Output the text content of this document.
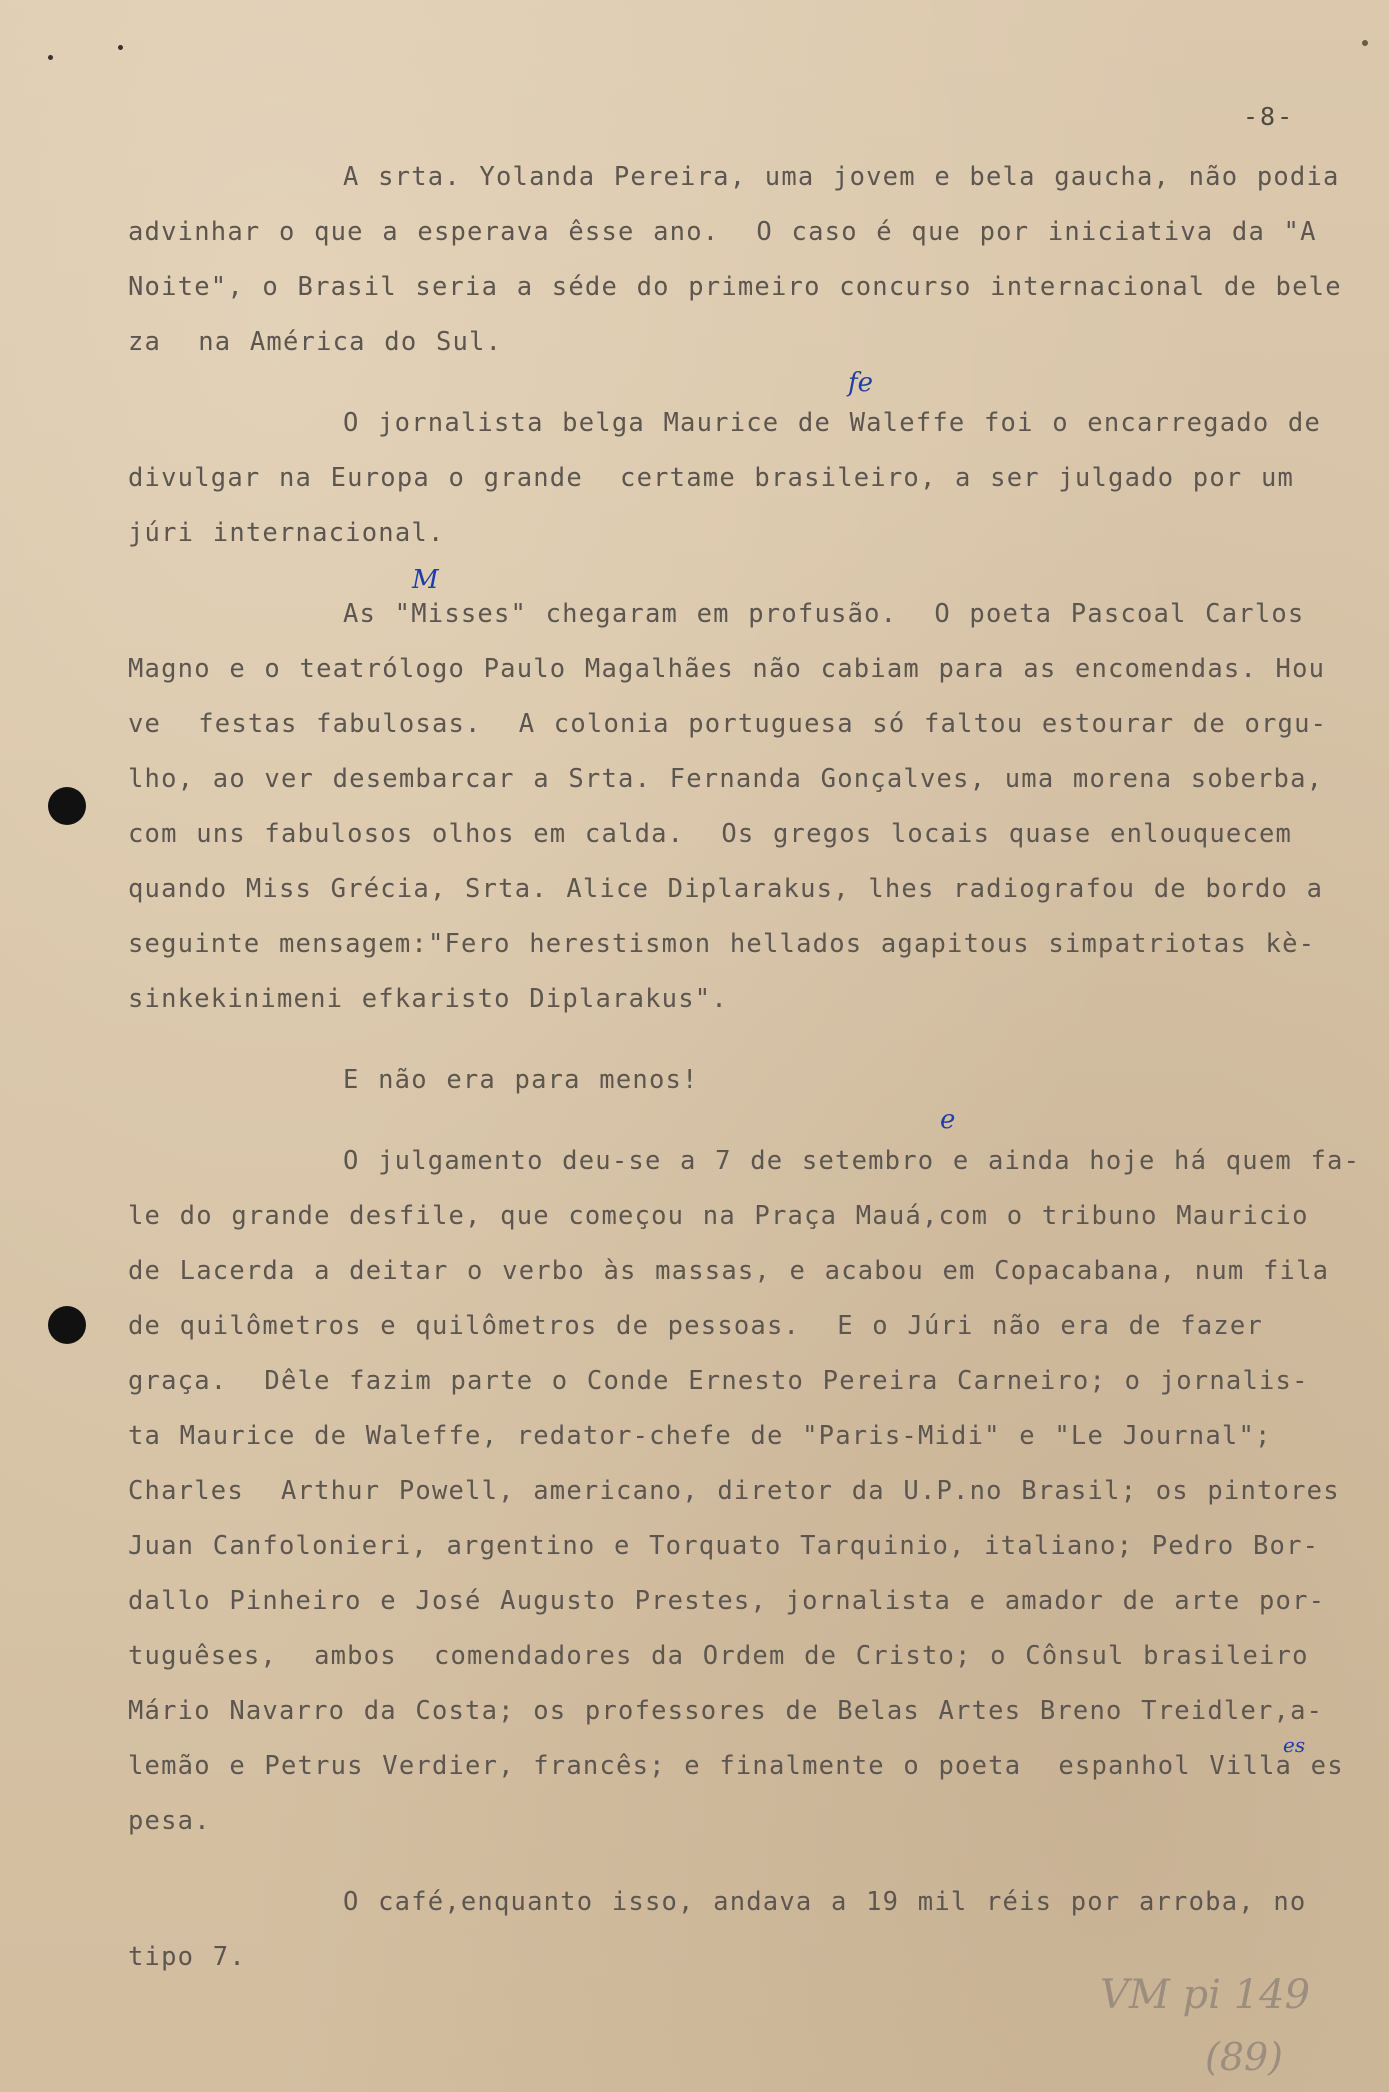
-8-
A srta. Yolanda Pereira, uma jovem e bela gaucha, não podia
advinhar o que a esperava êsse ano.  O caso é que por iniciativa da "A
Noite", o Brasil seria a séde do primeiro concurso internacional de bele
za  na América do Sul.
O jornalista belga Maurice de Waleffe foi o encarregado de
divulgar na Europa o grande  certame brasileiro, a ser julgado por um
júri internacional.
As "Misses" chegaram em profusão.  O poeta Pascoal Carlos
Magno e o teatrólogo Paulo Magalhães não cabiam para as encomendas. Hou
ve  festas fabulosas.  A colonia portuguesa só faltou estourar de orgu-
lho, ao ver desembarcar a Srta. Fernanda Gonçalves, uma morena soberba,
com uns fabulosos olhos em calda.  Os gregos locais quase enlouquecem
quando Miss Grécia, Srta. Alice Diplarakus, lhes radiografou de bordo a
seguinte mensagem:"Fero herestismon hellados agapitous simpatriotas kè-
sinkekinimeni efkaristo Diplarakus".
E não era para menos!
O julgamento deu-se a 7 de setembro e ainda hoje há quem fa-
le do grande desfile, que começou na Praça Mauá,com o tribuno Mauricio
de Lacerda a deitar o verbo às massas, e acabou em Copacabana, num fila
de quilômetros e quilômetros de pessoas.  E o Júri não era de fazer
graça.  Dêle fazim parte o Conde Ernesto Pereira Carneiro; o jornalis-
ta Maurice de Waleffe, redator-chefe de "Paris-Midi" e "Le Journal";
Charles  Arthur Powell, americano, diretor da U.P.no Brasil; os pintores
Juan Canfolonieri, argentino e Torquato Tarquinio, italiano; Pedro Bor-
dallo Pinheiro e José Augusto Prestes, jornalista e amador de arte por-
tuguêses,  ambos  comendadores da Ordem de Cristo; o Cônsul brasileiro
Mário Navarro da Costa; os professores de Belas Artes Breno Treidler,a-
lemão e Petrus Verdier, francês; e finalmente o poeta  espanhol Villa es
pesa.
O café,enquanto isso, andava a 19 mil réis por arroba, no
tipo 7.
fe
M
e
es
VM pi 149
(89)
